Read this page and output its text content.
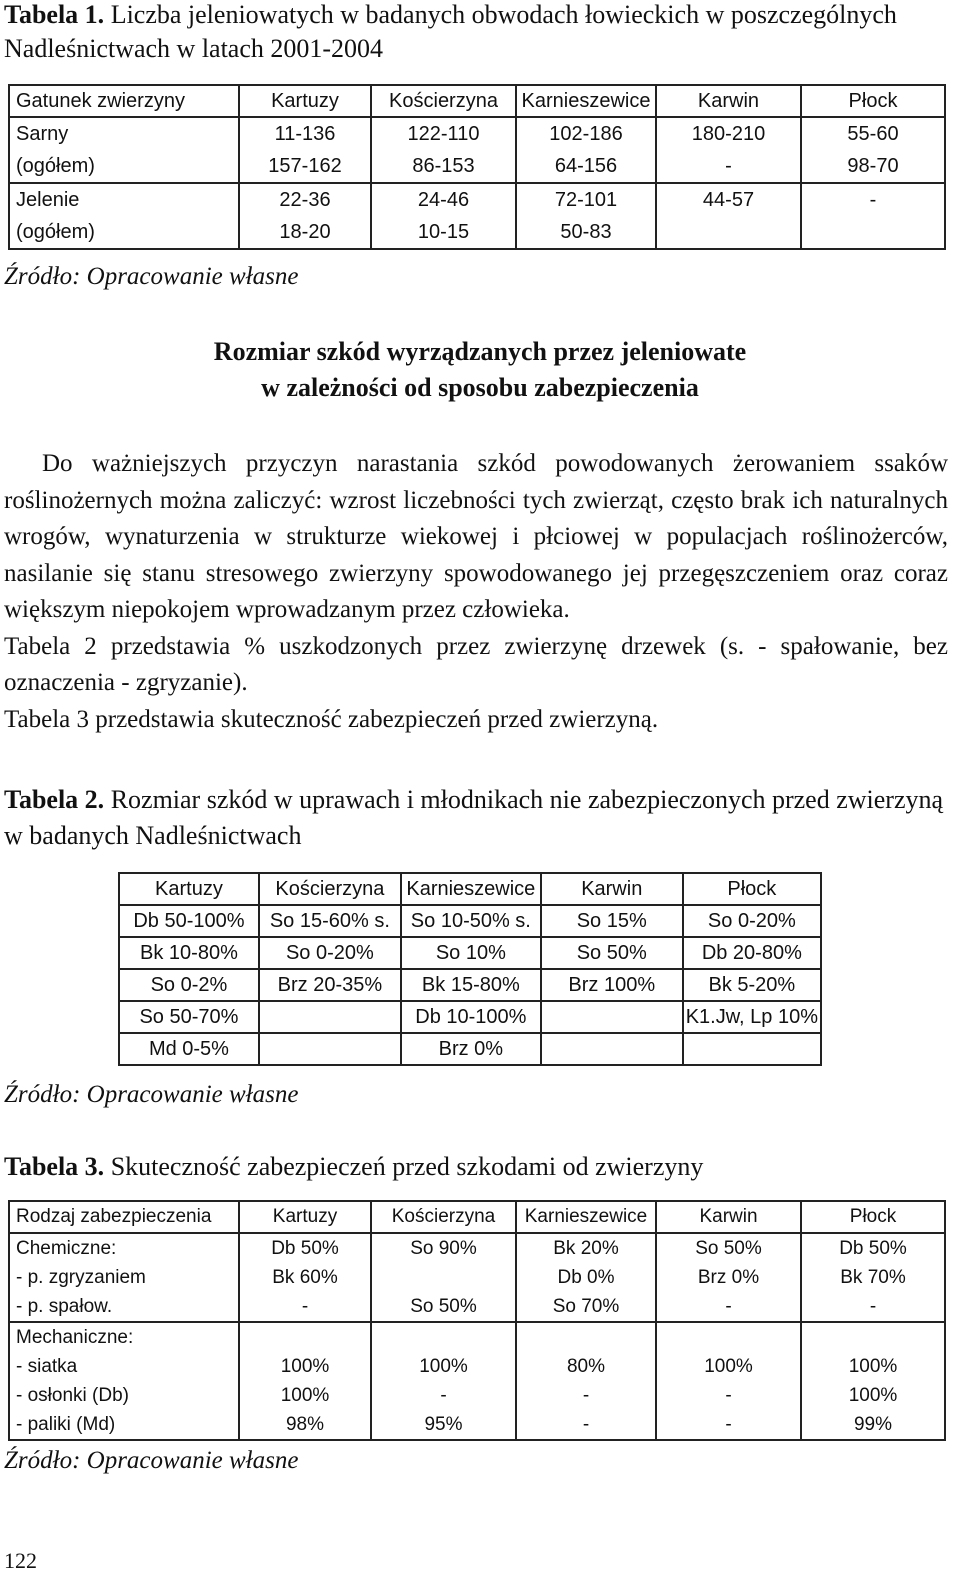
Tabela 1. Liczba jeleniowatych w badanych obwodach łowieckich w poszczególnych Nadleśnictwach w latach 2001-2004

Gatunek zwierzyny	Kartuzy	Kościerzyna	Karnieszewice	Karwin	Płock
Sarny	11-136	122-110	102-186	180-210	55-60
(ogółem)	157-162	86-153	64-156	-	98-70
Jelenie	22-36	24-46	72-101	44-57	-
(ogółem)	18-20	10-15	50-83		

Źródło: Opracowanie własne

Rozmiar szkód wyrządzanych przez jeleniowate
w zależności od sposobu zabezpieczenia

Do ważniejszych przyczyn narastania szkód powodowanych żerowaniem ssaków roślinożernych można zaliczyć: wzrost liczebności tych zwierząt, często brak ich naturalnych wrogów, wynaturzenia w strukturze wiekowej i płciowej w populacjach roślinożerców, nasilanie się stanu stresowego zwierzyny spowodowanego jej przegęszczeniem oraz coraz większym niepokojem wprowadzanym przez człowieka.

Tabela 2 przedstawia % uszkodzonych przez zwierzynę drzewek (s. - spałowanie, bez oznaczenia - zgryzanie).

Tabela 3 przedstawia skuteczność zabezpieczeń przed zwierzyną.

Tabela 2. Rozmiar szkód w uprawach i młodnikach nie zabezpieczonych przed zwierzyną w badanych Nadleśnictwach

Kartuzy	Kościerzyna	Karnieszewice	Karwin	Płock
Db 50-100%	So 15-60% s.	So 10-50% s.	So 15%	So 0-20%
Bk 10-80%	So 0-20%	So 10%	So 50%	Db 20-80%
So 0-2%	Brz 20-35%	Bk 15-80%	Brz 100%	Bk 5-20%
So 50-70%		Db 10-100%		K1.Jw, Lp 10%
Md 0-5%		Brz 0%		

Źródło: Opracowanie własne

Tabela 3. Skuteczność zabezpieczeń przed szkodami od zwierzyny

Rodzaj zabezpieczenia	Kartuzy	Kościerzyna	Karnieszewice	Karwin	Płock
Chemiczne:	Db 50%	So 90%	Bk 20%	So 50%	Db 50%
- p. zgryzaniem	Bk 60%		Db 0%	Brz 0%	Bk 70%
- p. spałow.	-	So 50%	So 70%	-	-
Mechaniczne:					
- siatka	100%	100%	80%	100%	100%
- osłonki (Db)	100%	-	-	-	100%
- paliki (Md)	98%	95%	-	-	99%

Źródło: Opracowanie własne

122
